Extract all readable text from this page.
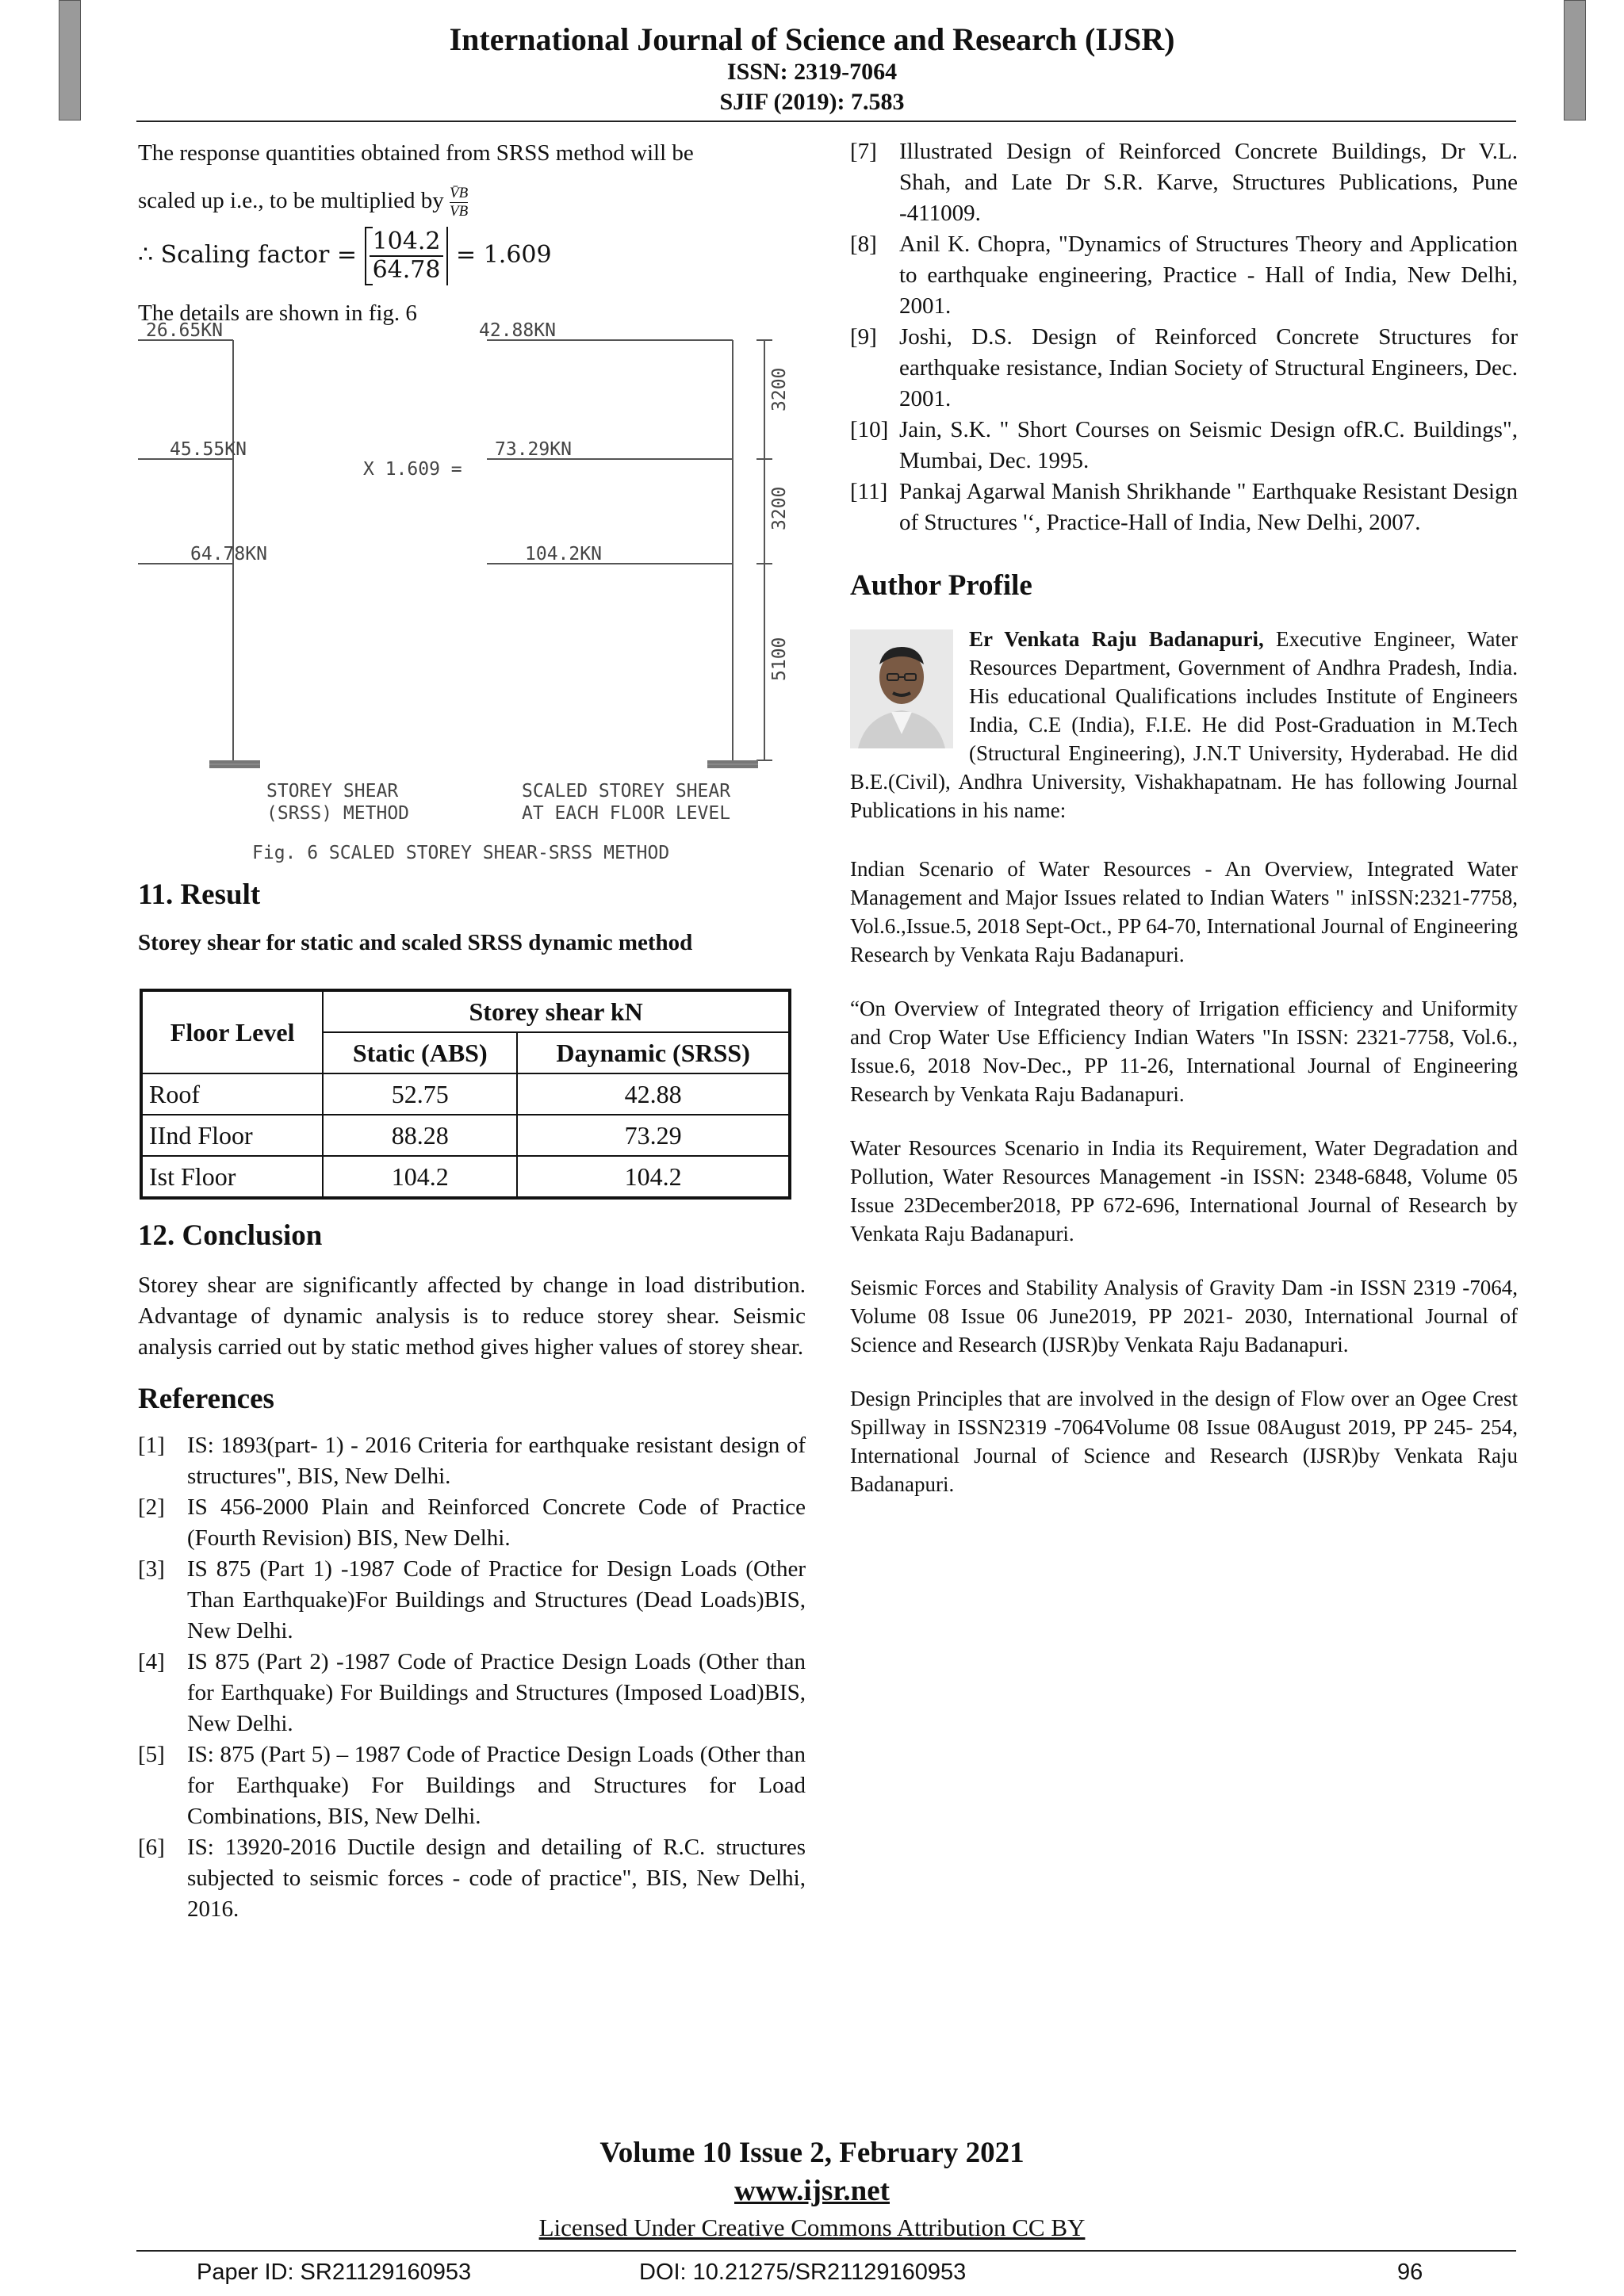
International Journal of Science and Research (IJSR)
ISSN: 2319-7064
SJIF (2019): 7.583

The response quantities obtained from SRSS method will be

scaled up i.e., to be multiplied by $\frac{V̄B}{VB}$

∴ Scaling factor = $\frac{104.2}{64.78} = 1.609$

The details are shown in fig. 6

26.65KN
45.55KN
64.78KN
42.88KN
73.29KN
104.2KN
X 1.609 =
3200
3200
5100
STOREY SHEAR
(SRSS) METHOD
SCALED STOREY SHEAR
AT EACH FLOOR LEVEL
Fig. 6 SCALED STOREY SHEAR-SRSS METHOD
11. Result

Storey shear for static and scaled SRSS dynamic method

Floor Level	Storey shear kN	
	Static (ABS)	Daynamic (SRSS)
Roof	52.75	42.88
IInd Floor	88.28	73.29
Ist Floor	104.2	104.2
12. Conclusion

Storey shear are significantly affected by change in load distribution. Advantage of dynamic analysis is to reduce storey shear. Seismic analysis carried out by static method gives higher values of storey shear.

References
[1] IS: 1893(part- 1) - 2016 Criteria for earthquake resistant design of structures", BIS, New Delhi.
[2] IS 456-2000 Plain and Reinforced Concrete Code of Practice (Fourth Revision) BIS, New Delhi.
[3] IS 875 (Part 1) -1987 Code of Practice for Design Loads (Other Than Earthquake)For Buildings and Structures (Dead Loads)BIS, New Delhi.
[4] IS 875 (Part 2) -1987 Code of Practice Design Loads (Other than for Earthquake) For Buildings and Structures (Imposed Load)BIS, New Delhi.
[5] IS: 875 (Part 5) – 1987 Code of Practice Design Loads (Other than for Earthquake) For Buildings and Structures for Load Combinations, BIS, New Delhi.
[6] IS: 13920-2016 Ductile design and detailing of R.C. structures subjected to seismic forces - code of practice", BIS, New Delhi, 2016.
[7] Illustrated Design of Reinforced Concrete Buildings, Dr V.L. Shah, and Late Dr S.R. Karve, Structures Publications, Pune -411009.
[8] Anil K. Chopra, "Dynamics of Structures Theory and Application to earthquake engineering, Practice - Hall of India, New Delhi, 2001.
[9] Joshi, D.S. Design of Reinforced Concrete Structures for earthquake resistance, Indian Society of Structural Engineers, Dec. 2001.
[10] Jain, S.K. " Short Courses on Seismic Design ofR.C. Buildings", Mumbai, Dec. 1995.
[11] Pankaj Agarwal Manish Shrikhande " Earthquake Resistant Design of Structures '‘, Practice-Hall of India, New Delhi, 2007.
Author Profile
Er Venkata Raju Badanapuri, Executive Engineer, Water Resources Department, Government of Andhra Pradesh, India. His educational Qualifications includes Institute of Engineers India, C.E (India), F.I.E. He did Post-Graduation in M.Tech (Structural Engineering), J.N.T University, Hyderabad. He did B.E.(Civil), Andhra University, Vishakhapatnam. He has following Journal Publications in his name:

Indian Scenario of Water Resources - An Overview, Integrated Water Management and Major Issues related to Indian Waters " inISSN:2321-7758, Vol.6.,Issue.5, 2018 Sept-Oct., PP 64-70, International Journal of Engineering Research by Venkata Raju Badanapuri.

“On Overview of Integrated theory of Irrigation efficiency and Uniformity and Crop Water Use Efficiency Indian Waters "In ISSN: 2321-7758, Vol.6., Issue.6, 2018 Nov-Dec., PP 11-26, International Journal of Engineering Research by Venkata Raju Badanapuri.

Water Resources Scenario in India its Requirement, Water Degradation and Pollution, Water Resources Management -in ISSN: 2348-6848, Volume 05 Issue 23December2018, PP 672-696, International Journal of Research by Venkata Raju Badanapuri.

Seismic Forces and Stability Analysis of Gravity Dam -in ISSN 2319 -7064, Volume 08 Issue 06 June2019, PP 2021- 2030, International Journal of Science and Research (IJSR)by Venkata Raju Badanapuri.

Design Principles that are involved in the design of Flow over an Ogee Crest Spillway in ISSN2319 -7064Volume 08 Issue 08August 2019, PP 245- 254, International Journal of Science and Research (IJSR)by Venkata Raju Badanapuri.

Volume 10 Issue 2, February 2021
www.ijsr.net
Licensed Under Creative Commons Attribution CC BY
Paper ID: SR21129160953	DOI: 10.21275/SR21129160953	96
